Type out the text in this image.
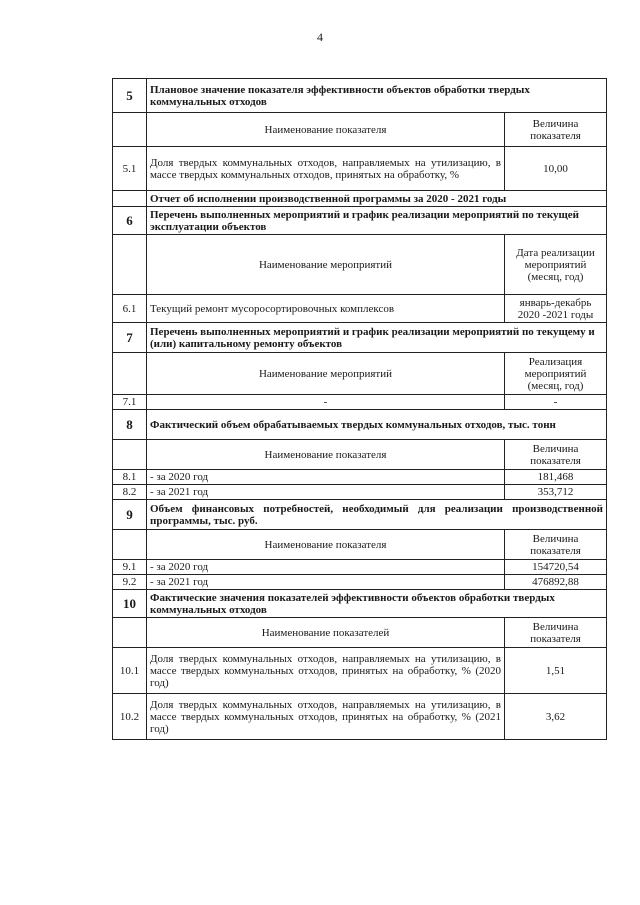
4
5	Плановое значение показателя эффективности объектов обработки твердых коммунальных отходов	
	Наименование показателя	Величина показателя
5.1	Доля твердых коммунальных отходов, направляемых на утилизацию, в массе твердых коммунальных отходов, принятых на обработку, %	10,00
	Отчет об исполнении производственной программы за 2020 - 2021 годы	
6	Перечень выполненных мероприятий и график реализации мероприятий по текущей эксплуатации объектов	
	Наименование мероприятий	Дата реализации мероприятий (месяц, год)
6.1	Текущий ремонт мусоросортировочных комплексов	январь-декабрь 2020 -2021 годы
7	Перечень выполненных мероприятий и график реализации мероприятий по текущему и (или) капитальному ремонту объектов	
	Наименование мероприятий	Реализация мероприятий (месяц, год)
7.1	-	-
8	Фактический объем обрабатываемых твердых коммунальных отходов, тыс. тонн	
	Наименование показателя	Величина показателя
8.1	- за 2020 год	181,468
8.2	- за 2021 год	353,712
9	Объем финансовых потребностей, необходимый для реализации производственной программы, тыс. руб.	
	Наименование показателя	Величина показателя
9.1	- за 2020 год	154720,54
9.2	- за 2021 год	476892,88
10	Фактические значения показателей эффективности объектов обработки твердых коммунальных отходов	
	Наименование показателей	Величина показателя
10.1	Доля твердых коммунальных отходов, направляемых на утилизацию, в массе твердых коммунальных отходов, принятых на обработку, % (2020 год)	1,51
10.2	Доля твердых коммунальных отходов, направляемых на утилизацию, в массе твердых коммунальных отходов, принятых на обработку, % (2021 год)	3,62
